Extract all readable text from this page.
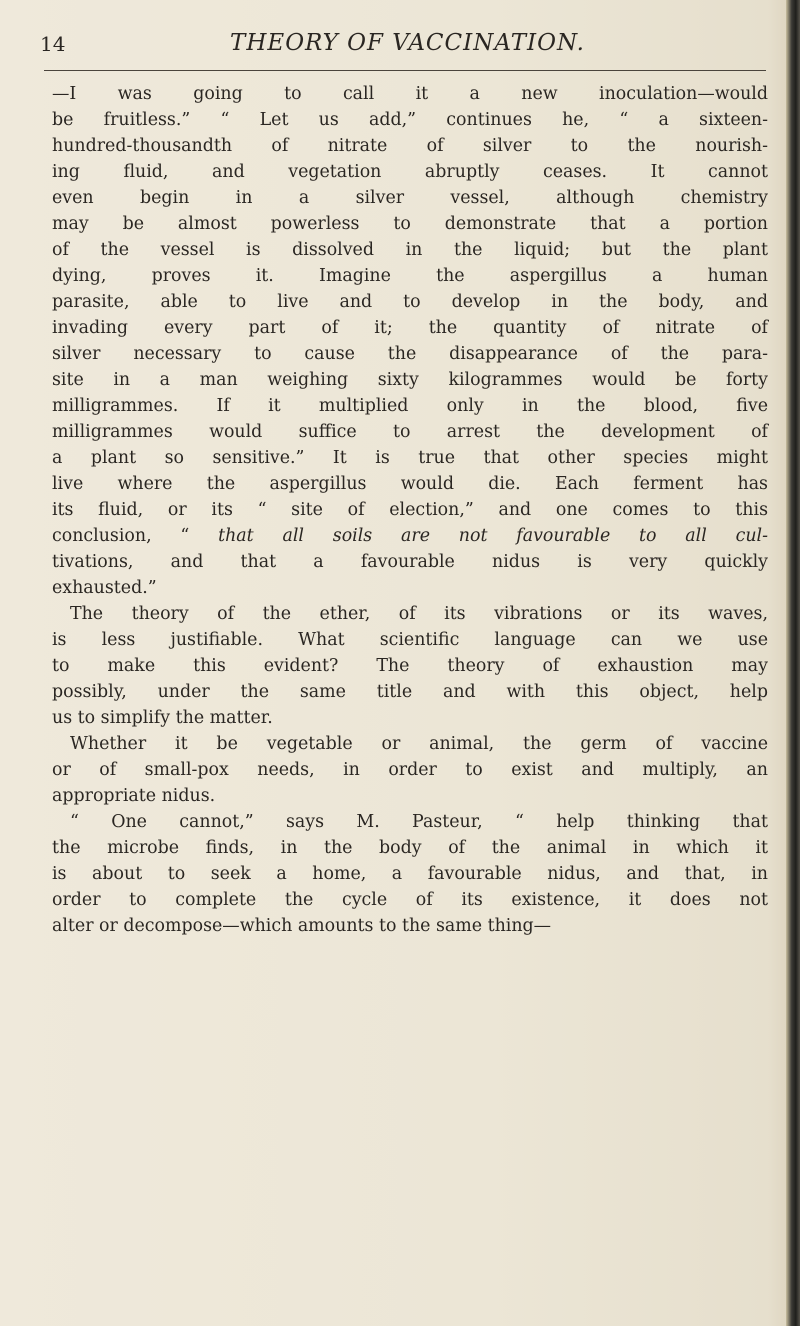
14	THEORY OF VACCINATION.
—I was going to call it a new inoculation—would
be fruitless.” “ Let us add,” continues he, “ a sixteen-
hundred-thousandth of nitrate of silver to the nourish-
ing fluid, and vegetation abruptly ceases. It cannot
even begin in a silver vessel, although chemistry
may be almost powerless to demonstrate that a portion
of the vessel is dissolved in the liquid; but the plant
dying, proves it. Imagine the aspergillus a human
parasite, able to live and to develop in the body, and
invading every part of it; the quantity of nitrate of
silver necessary to cause the disappearance of the para-
site in a man weighing sixty kilogrammes would be forty
milligrammes. If it multiplied only in the blood, five
milligrammes would suffice to arrest the development of
a plant so sensitive.” It is true that other species might
live where the aspergillus would die. Each ferment has
its fluid, or its “ site of election,” and one comes to this
conclusion, “ that all soils are not favourable to all cul-
tivations, and that a favourable nidus is very quickly
exhausted.”
The theory of the ether, of its vibrations or its waves,
is less justifiable. What scientific language can we use
to make this evident? The theory of exhaustion may
possibly, under the same title and with this object, help
us to simplify the matter.
Whether it be vegetable or animal, the germ of vaccine
or of small-pox needs, in order to exist and multiply, an
appropriate nidus.
“ One cannot,” says M. Pasteur, “ help thinking that
the microbe finds, in the body of the animal in which it
is about to seek a home, a favourable nidus, and that, in
order to complete the cycle of its existence, it does not
alter or decompose—which amounts to the same thing—
